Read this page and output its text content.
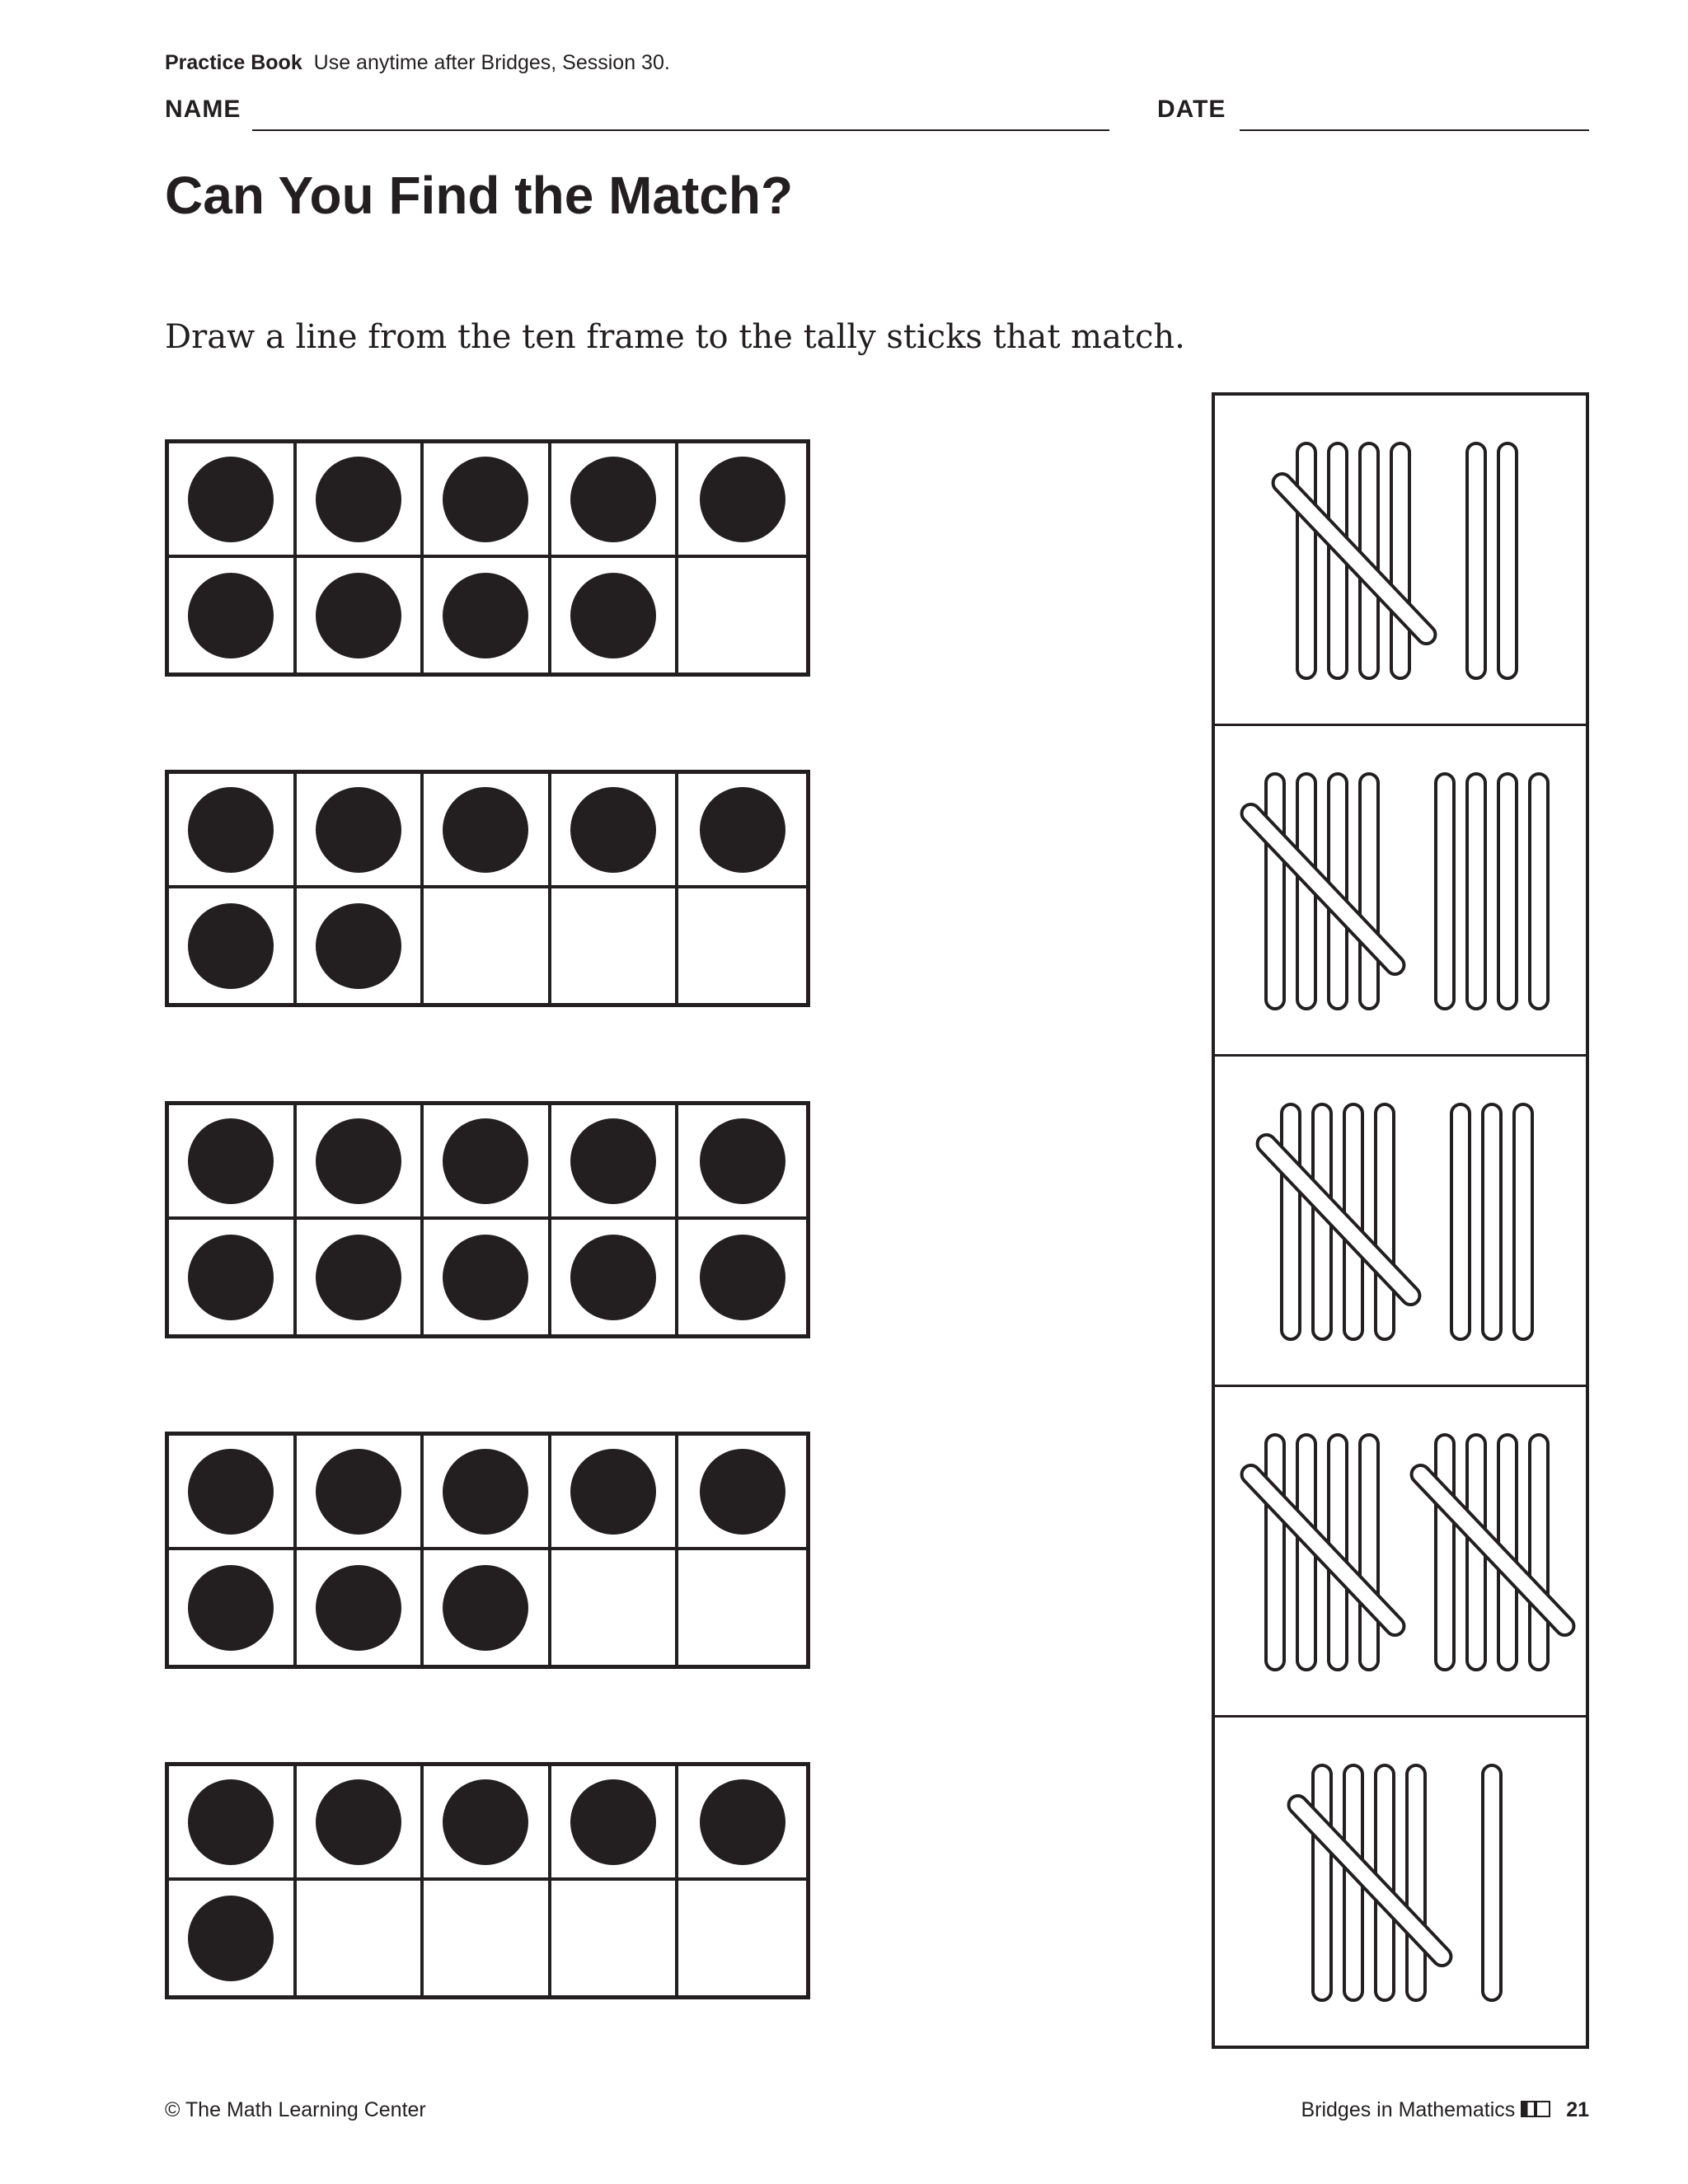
Practice Book Use anytime after Bridges, Session 30.
NAME	DATE
Can You Find the Match?
Draw a line from the ten frame to the tally sticks that match.
© The Math Learning Center	Bridges in Mathematics 21
